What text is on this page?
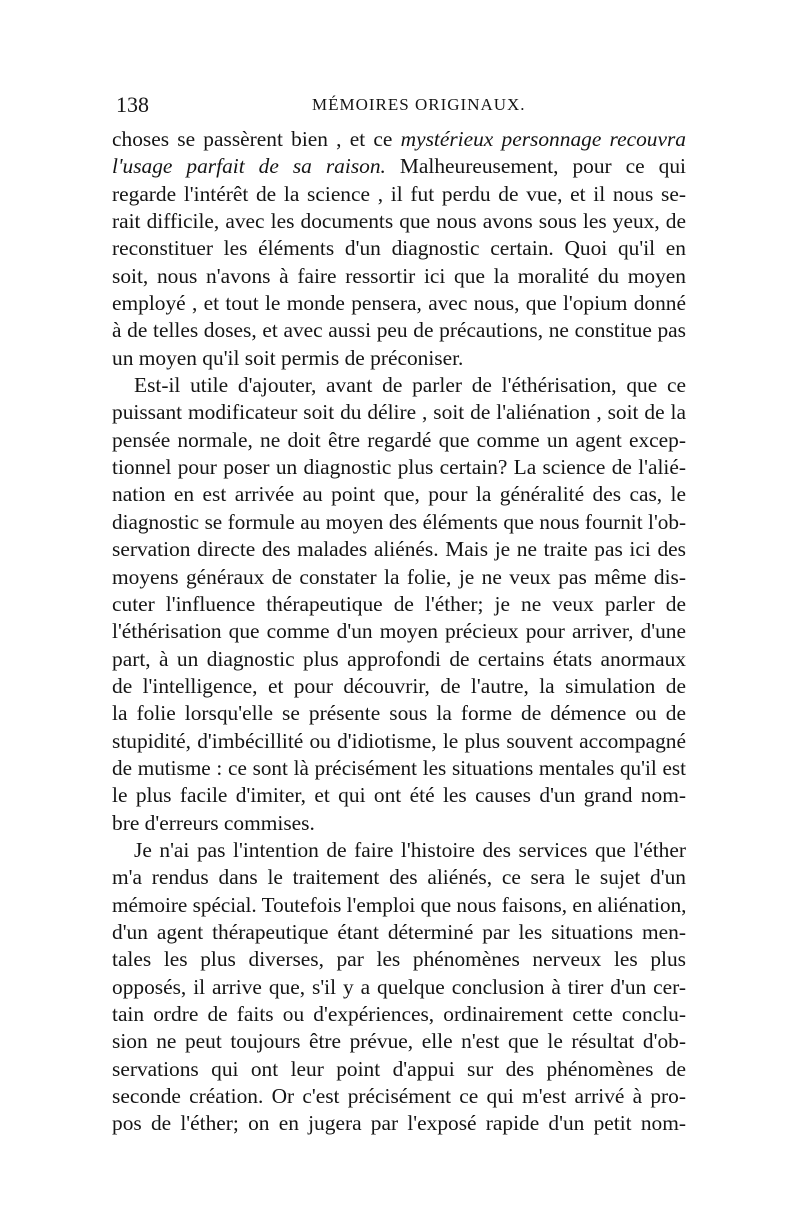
138	MÉMOIRES ORIGINAUX.
choses se passèrent bien , et ce mystérieux personnage recouvra
l'usage parfait de sa raison. Malheureusement, pour ce qui
regarde l'intérêt de la science , il fut perdu de vue, et il nous se-
rait difficile, avec les documents que nous avons sous les yeux, de
reconstituer les éléments d'un diagnostic certain. Quoi qu'il en
soit, nous n'avons à faire ressortir ici que la moralité du moyen
employé , et tout le monde pensera, avec nous, que l'opium donné
à de telles doses, et avec aussi peu de précautions, ne constitue pas
un moyen qu'il soit permis de préconiser.
Est-il utile d'ajouter, avant de parler de l'éthérisation, que ce
puissant modificateur soit du délire , soit de l'aliénation , soit de la
pensée normale, ne doit être regardé que comme un agent excep-
tionnel pour poser un diagnostic plus certain? La science de l'alié-
nation en est arrivée au point que, pour la généralité des cas, le
diagnostic se formule au moyen des éléments que nous fournit l'ob-
servation directe des malades aliénés. Mais je ne traite pas ici des
moyens généraux de constater la folie, je ne veux pas même dis-
cuter l'influence thérapeutique de l'éther; je ne veux parler de
l'éthérisation que comme d'un moyen précieux pour arriver, d'une
part, à un diagnostic plus approfondi de certains états anormaux
de l'intelligence, et pour découvrir, de l'autre, la simulation de
la folie lorsqu'elle se présente sous la forme de démence ou de
stupidité, d'imbécillité ou d'idiotisme, le plus souvent accompagné
de mutisme : ce sont là précisément les situations mentales qu'il est
le plus facile d'imiter, et qui ont été les causes d'un grand nom-
bre d'erreurs commises.
Je n'ai pas l'intention de faire l'histoire des services que l'éther
m'a rendus dans le traitement des aliénés, ce sera le sujet d'un
mémoire spécial. Toutefois l'emploi que nous faisons, en aliénation,
d'un agent thérapeutique étant déterminé par les situations men-
tales les plus diverses, par les phénomènes nerveux les plus
opposés, il arrive que, s'il y a quelque conclusion à tirer d'un cer-
tain ordre de faits ou d'expériences, ordinairement cette conclu-
sion ne peut toujours être prévue, elle n'est que le résultat d'ob-
servations qui ont leur point d'appui sur des phénomènes de
seconde création. Or c'est précisément ce qui m'est arrivé à pro-
pos de l'éther; on en jugera par l'exposé rapide d'un petit nom-
